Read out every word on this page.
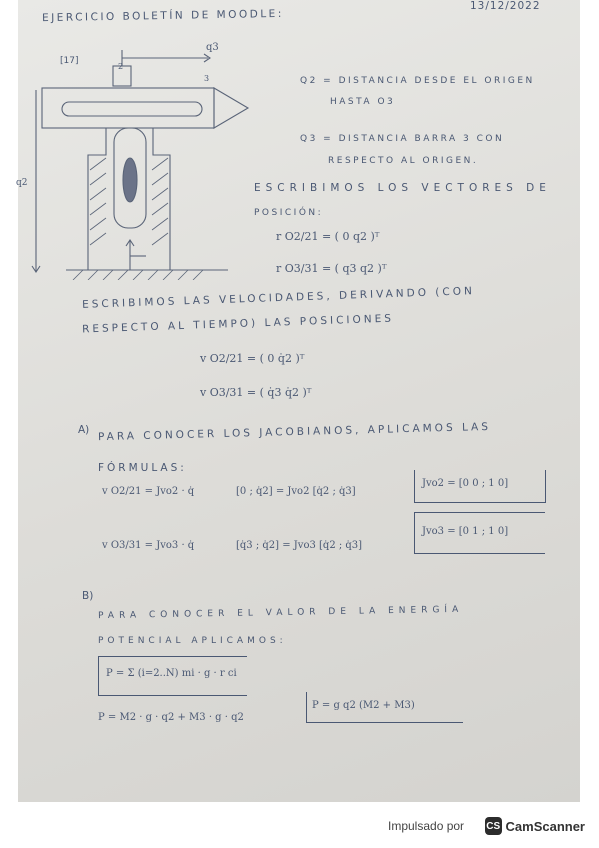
EJERCICIO BOLETÍN DE MOODLE:
13/12/2022
[17]
q3
2
3
q2
Q2 = DISTANCIA DESDE EL ORIGEN
HASTA O3
Q3 = DISTANCIA BARRA 3 CON
RESPECTO AL ORIGEN.
ESCRIBIMOS LOS VECTORES DE
POSICIÓN:
r O2/21 = ( 0 q2 )ᵀ
r O3/31 = ( q3 q2 )ᵀ
ESCRIBIMOS LAS VELOCIDADES, DERIVANDO (CON
RESPECTO AL TIEMPO) LAS POSICIONES
v O2/21 = ( 0 q̇2 )ᵀ
v O3/31 = ( q̇3 q̇2 )ᵀ
A) PARA CONOCER LOS JACOBIANOS, APLICAMOS LAS
FÓRMULAS:
v O2/21 = Jvo2 · q̇	[0 ; q̇2] = Jvo2 [q̇2 ; q̇3]
Jvo2 = [0 0 ; 1 0]
v O3/31 = Jvo3 · q̇	[q̇3 ; q̇2] = Jvo3 [q̇2 ; q̇3]
Jvo3 = [0 1 ; 1 0]
B)
PARA CONOCER EL VALOR DE LA ENERGÍA
POTENCIAL APLICAMOS:
P = Σ (i=2..N) mi · g · r ci
P = M2 · g · q2 + M3 · g · q2
P = g q2 (M2 + M3)
Impulsado por CS CamScanner
